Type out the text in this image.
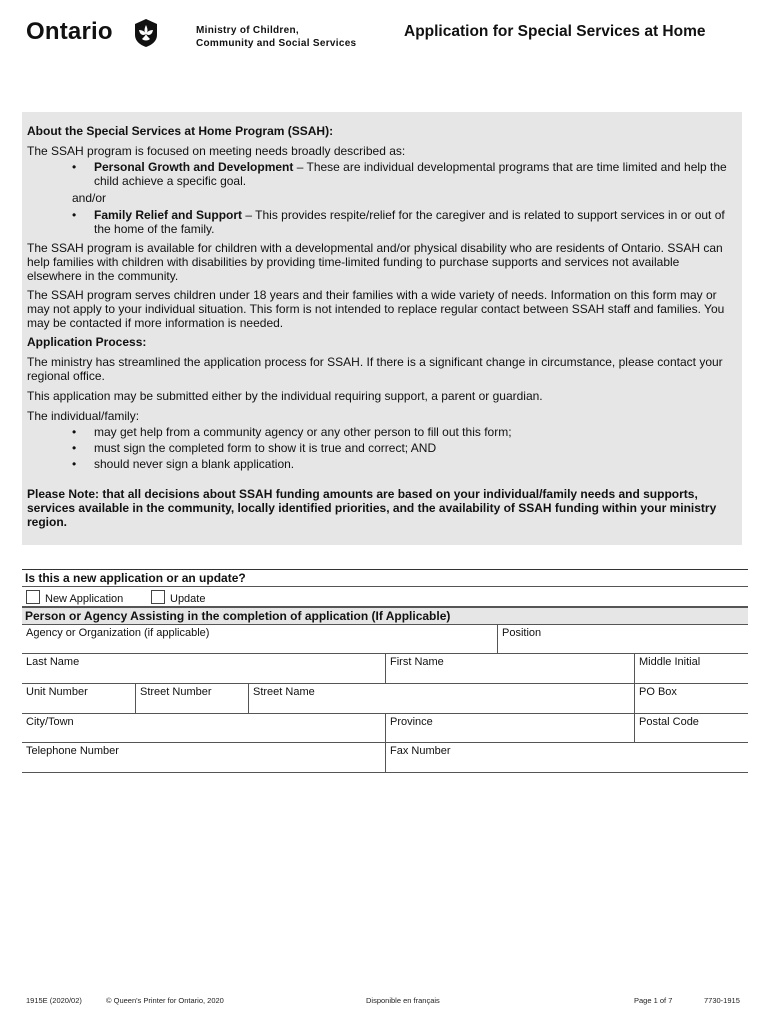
Ontario	Ministry of Children,
Community and Social Services
Application for Special Services at Home

About the Special Services at Home Program (SSAH):

The SSAH program is focused on meeting needs broadly described as:

• Personal Growth and Development – These are individual developmental programs that are time limited and help the child achieve a specific goal.

and/or

• Family Relief and Support – This provides respite/relief for the caregiver and is related to support services in or out of the home of the family.

The SSAH program is available for children with a developmental and/or physical disability who are residents of Ontario. SSAH can help families with children with disabilities by providing time-limited funding to purchase supports and services not available elsewhere in the community.

The SSAH program serves children under 18 years and their families with a wide variety of needs. Information on this form may or may not apply to your individual situation. This form is not intended to replace regular contact between SSAH staff and families. You may be contacted if more information is needed.

Application Process:

The ministry has streamlined the application process for SSAH. If there is a significant change in circumstance, please contact your regional office.

This application may be submitted either by the individual requiring support, a parent or guardian.

The individual/family:

• may get help from a community agency or any other person to fill out this form;
• must sign the completed form to show it is true and correct; AND
• should never sign a blank application.

Please Note: that all decisions about SSAH funding amounts are based on your individual/family needs and supports, services available in the community, locally identified priorities, and the availability of SSAH funding within your ministry region.

Is this a new application or an update?
New Application	Update
Person or Agency Assisting in the completion of application (If Applicable)
Agency or Organization (if applicable)	Position
Last Name	First Name	Middle Initial
Unit Number	Street Number	Street Name	PO Box
City/Town	Province	Postal Code
Telephone Number	Fax Number
1915E (2020/02)	© Queen's Printer for Ontario, 2020	Disponible en français	Page 1 of 7	7730-1915
